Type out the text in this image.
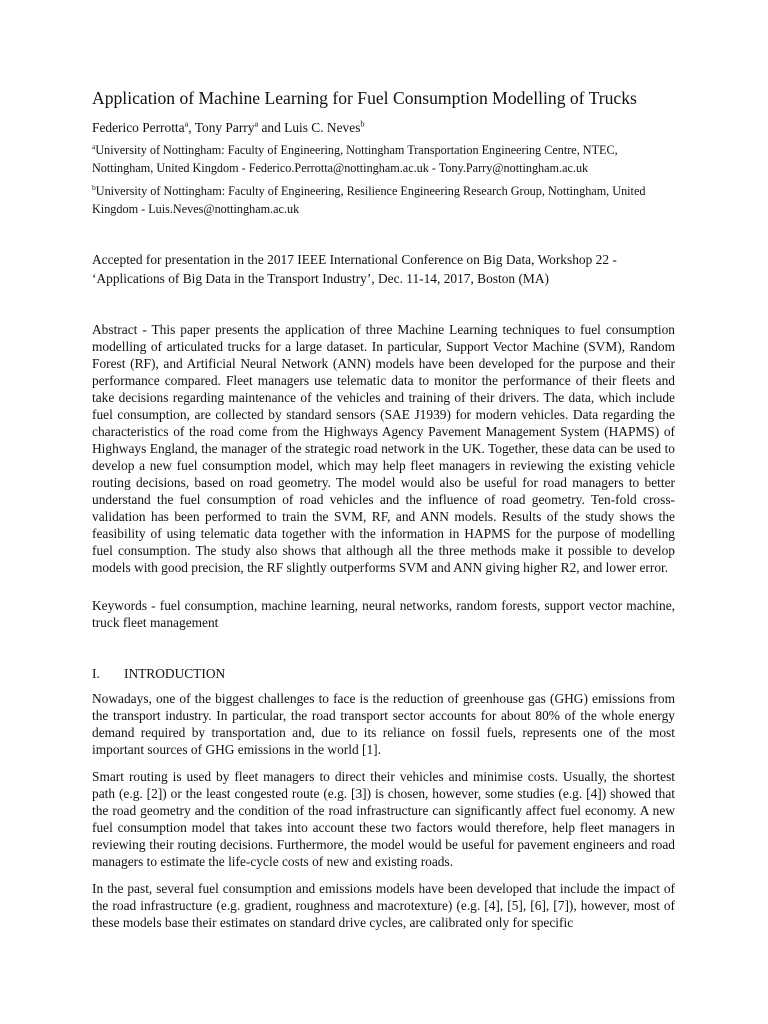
Application of Machine Learning for Fuel Consumption Modelling of Trucks

Federico Perrotta$^a$, Tony Parry$^a$ and Luis C. Neves$^b$

$^a$University of Nottingham: Faculty of Engineering, Nottingham Transportation Engineering Centre, NTEC, Nottingham, United Kingdom - Federico.Perrotta@nottingham.ac.uk - Tony.Parry@nottingham.ac.uk

$^b$University of Nottingham: Faculty of Engineering, Resilience Engineering Research Group, Nottingham, United Kingdom - Luis.Neves@nottingham.ac.uk

Accepted for presentation in the 2017 IEEE International Conference on Big Data, Workshop 22 - ‘Applications of Big Data in the Transport Industry’, Dec. 11-14, 2017, Boston (MA)

Abstract - This paper presents the application of three Machine Learning techniques to fuel consumption modelling of articulated trucks for a large dataset. In particular, Support Vector Machine (SVM), Random Forest (RF), and Artificial Neural Network (ANN) models have been developed for the purpose and their performance compared. Fleet managers use telematic data to monitor the performance of their fleets and take decisions regarding maintenance of the vehicles and training of their drivers. The data, which include fuel consumption, are collected by standard sensors (SAE J1939) for modern vehicles. Data regarding the characteristics of the road come from the Highways Agency Pavement Management System (HAPMS) of Highways England, the manager of the strategic road network in the UK. Together, these data can be used to develop a new fuel consumption model, which may help fleet managers in reviewing the existing vehicle routing decisions, based on road geometry. The model would also be useful for road managers to better understand the fuel consumption of road vehicles and the influence of road geometry. Ten-fold cross-validation has been performed to train the SVM, RF, and ANN models. Results of the study shows the feasibility of using telematic data together with the information in HAPMS for the purpose of modelling fuel consumption. The study also shows that although all the three methods make it possible to develop models with good precision, the RF slightly outperforms SVM and ANN giving higher R2, and lower error.

Keywords - fuel consumption, machine learning, neural networks, random forests, support vector machine, truck fleet management

I. INTRODUCTION

Nowadays, one of the biggest challenges to face is the reduction of greenhouse gas (GHG) emissions from the transport industry. In particular, the road transport sector accounts for about 80% of the whole energy demand required by transportation and, due to its reliance on fossil fuels, represents one of the most important sources of GHG emissions in the world [1].

Smart routing is used by fleet managers to direct their vehicles and minimise costs. Usually, the shortest path (e.g. [2]) or the least congested route (e.g. [3]) is chosen, however, some studies (e.g. [4]) showed that the road geometry and the condition of the road infrastructure can significantly affect fuel economy. A new fuel consumption model that takes into account these two factors would therefore, help fleet managers in reviewing their routing decisions. Furthermore, the model would be useful for pavement engineers and road managers to estimate the life-cycle costs of new and existing roads.

In the past, several fuel consumption and emissions models have been developed that include the impact of the road infrastructure (e.g. gradient, roughness and macrotexture) (e.g. [4], [5], [6], [7]), however, most of these models base their estimates on standard drive cycles, are calibrated only for specific
